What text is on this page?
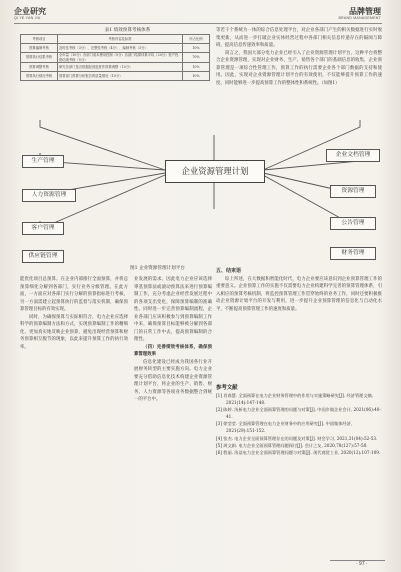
企业研究
QI YE YAN JIU
品牌管理
BRAND MANAGEMENT
表1 绩效预算考核体系
考核项目	考核内容及标准	所占比例
预算编制考核	及时性考核（3分）、完整性考核（4分）、编制考核（3分）	10%
预算执行结果考核	全年量（10分）各部门成本费用控制（5分）各部门结算体系平均（20分）资产投资结果考核（5分）	70%
预算调整考核	研究各部门是否根据经营进度作预算调整（10分）	10%
预算执行情况考核	预算部门预算分析报告的质量情况（10分）	10%

等若干个系统为一体的综合信息处理平台，对企业各部门产生的相关数据进行实时收集更新，从而进一步打破企业实体经营过程中各部门相关信息传递存在的隔阂与障碍，提高信息传递效率和质量。

简言之，我国大部分电力企业已经引入了企业资源管理计划平台，这种平台将整合企业资源管理，实现对企业财务、生产、销售各个部门的基础信息的收集，企业预算管理是一项综合性管理工作，预算工作的执行需要企业各个部门数据的支持和使用。因此，实现对企业资源管理计划平台的有效使用，不仅能够提升预算工作的速度，同时能够进一步提高预算工作的整体性和系统性。（如图1）

五、结束语

综上所述，在大数据和智能化时代，电力企业要应该意识到企业预算管理工作的重要意义。企业预算工作的实施不仅需要电力企业构建科学完善的预算管理体系，引入相应的预算考核机制，将监控预算管理工作贯穿始终的业务工作，同时还要积极推动企业资源计划平台的开发与利用，进一步提升企业预算管理的信息化与自动化水平，不断提高预算管理工作的速度和质量。

生产管理
人力资源管理
客户管理
供应链管理
企业资源管理计划
企业文档管理
资源管理
公告管理
财务管理
图1 企业资源管理计划平台

能优化项目总预算。在企业内部推行全面预算，并将总预算细化分解到各部门，实行业务分级管理。在此方面，一方面应对各部门实行分解的预算指标进行考核，另一方面需建立起预算执行的监督与落实机制，确保预算管理目标的有效实现。

同时，为确保预算与实际相符合，电力企业应选择科学的预算编制方法和方式，实现预算编制工作的精细化，更加真实地反映企业预算，避免出现经营预算和财务预算相互脱节的现象，以此来提升预算工作的执行效率。

业发展的需求。因此电力企业应该选择零基预算法或滚动预算法来进行预算编制工作，充分考虑企业经营发展过程中的各项支出变化，保障预算编制的准确性。同时进一步完善预算编制流程，企业各部门应该积极参与到预算编制工作中来，确保预算目标能够被分解到各部门的日常工作中去，提高预算编制的合理性。

（四）完善绩效考核体系，确保预算管理效果

信息化建设已经成为我国各行业开展财务转型的主要实施方向。电力企业要充分借助信息化技术构建企业资源管理计划平台，将企业的生产、销售、财务、人力资源等各项业务数据整合到统一的平台中。

参考文献
[1] 肖春慧. 全面预算在电力企业财务管理中的作用与实施策略研究[J]. 经济管理文摘, 2021(14):147-148.
[2] 陈婷. 浅析电力企业全面预算管理的问题与对策[J]. 中国乡镇企业会计, 2021(06):40-41.
[3] 徐莹莹. 全面预算管理在电力企业财务中的应用研究[J]. 中国集体经济, 2021(29):151-152.
[4] 张杰. 电力企业全面预算管理存在的问题及对策[J]. 财会学习, 2021,31(04):52-53.
[5] 周文娟. 电力企业全面预算管理问题探讨[J]. 会计之友, 2020,78(127):57-58.
[6] 程丽. 浅谈电力企业全面预算管理问题与对策[J]. 现代商贸工业, 2020(12):107-109.
· 97 ·
